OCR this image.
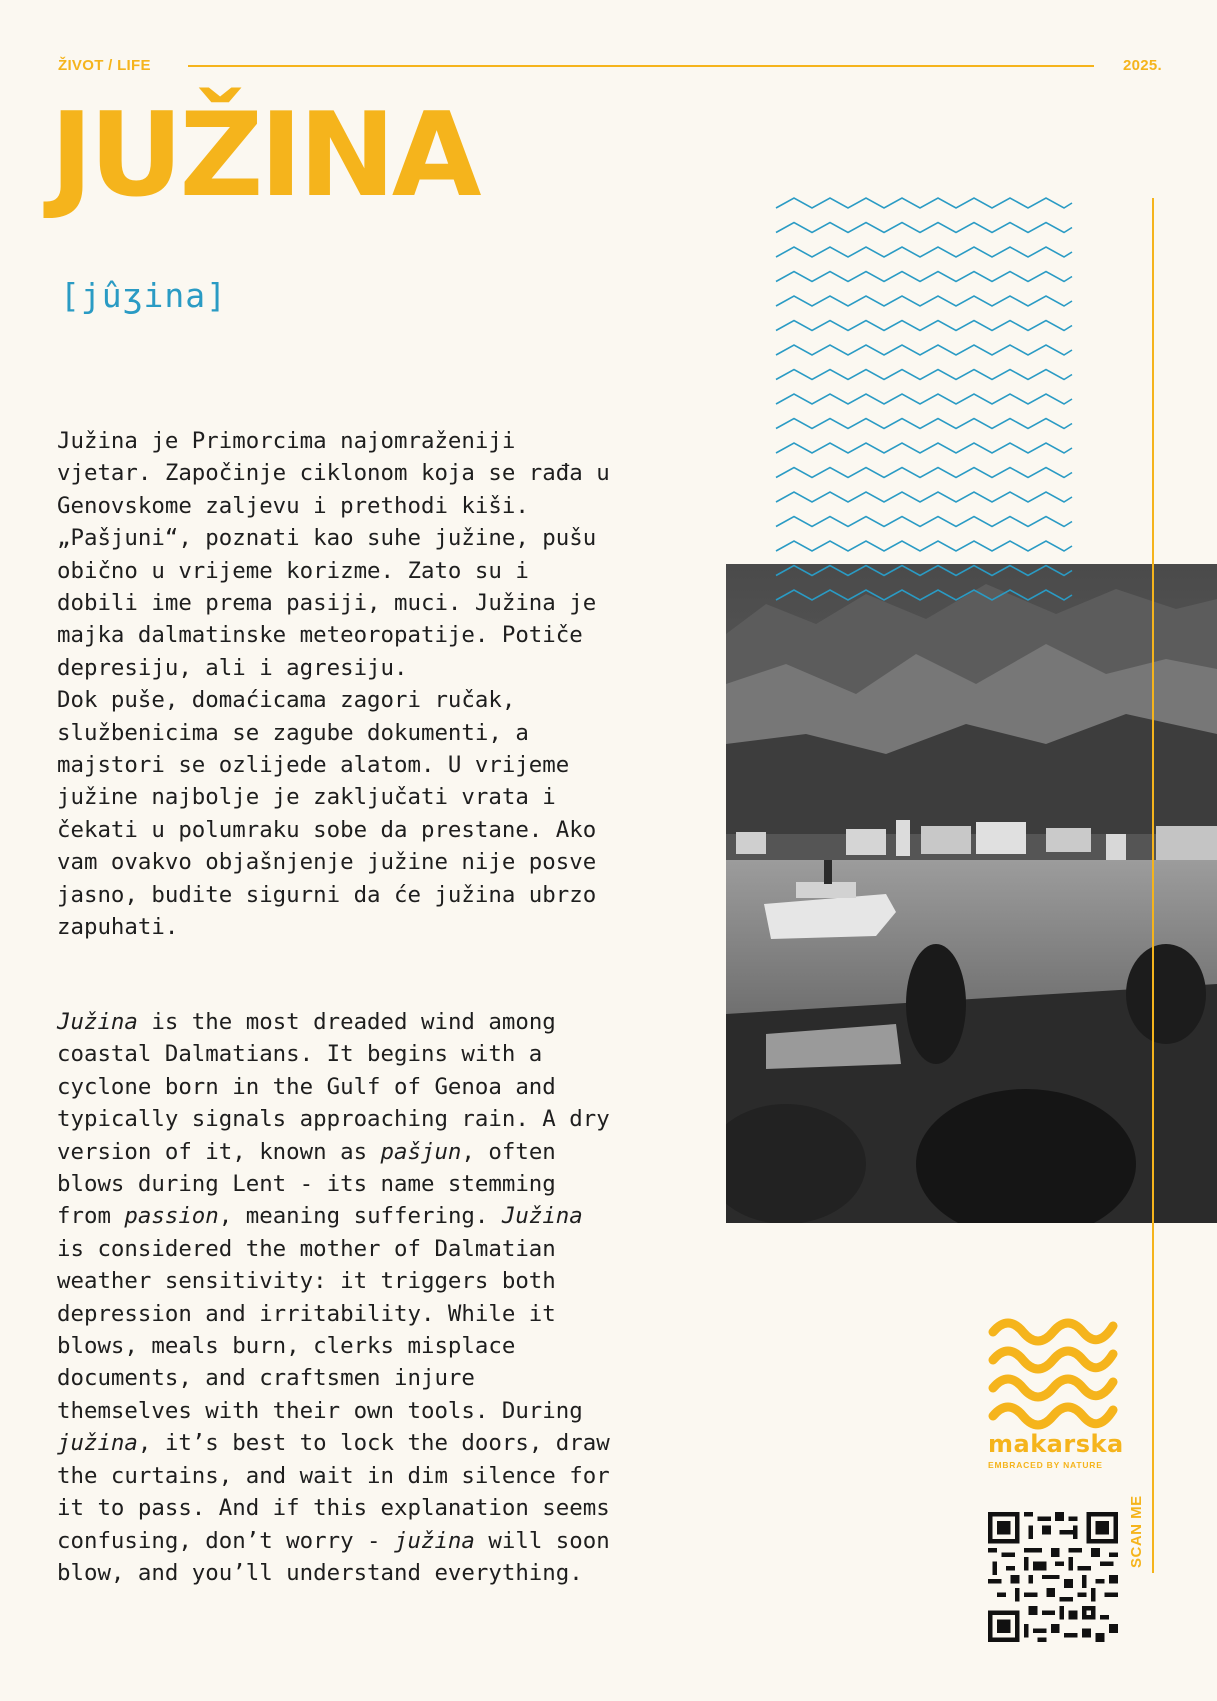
ŽIVOT / LIFE	2025.
JUŽINA
[jûʒina]

Južina je Primorcima najomraženiji vjetar. Započinje ciklonom koja se rađa u Genovskome zaljevu i prethodi kiši. „Pašjuni“, poznati kao suhe južine, pušu obično u vrijeme korizme. Zato su i dobili ime prema pasiji, muci. Južina je majka dalmatinske meteoropatije. Potiče depresiju, ali i agresiju.

Dok puše, domaćicama zagori ručak, službenicima se zagube dokumenti, a majstori se ozlijede alatom. U vrijeme južine najbolje je zaključati vrata i čekati u polumraku sobe da prestane. Ako vam ovakvo objašnjenje južine nije posve jasno, budite sigurni da će južina ubrzo zapuhati.

Južina is the most dreaded wind among coastal Dalmatians. It begins with a cyclone born in the Gulf of Genoa and typically signals approaching rain. A dry version of it, known as pašjun, often blows during Lent - its name stemming from passion, meaning suffering. Južina is considered the mother of Dalmatian weather sensitivity: it triggers both depression and irritability. While it blows, meals burn, clerks misplace documents, and craftsmen injure themselves with their own tools. During južina, it’s best to lock the doors, draw the curtains, and wait in dim silence for it to pass. And if this explanation seems confusing, don’t worry - južina will soon blow, and you’ll understand everything.

SCAN ME
makarska
EMBRACED BY NATURE
